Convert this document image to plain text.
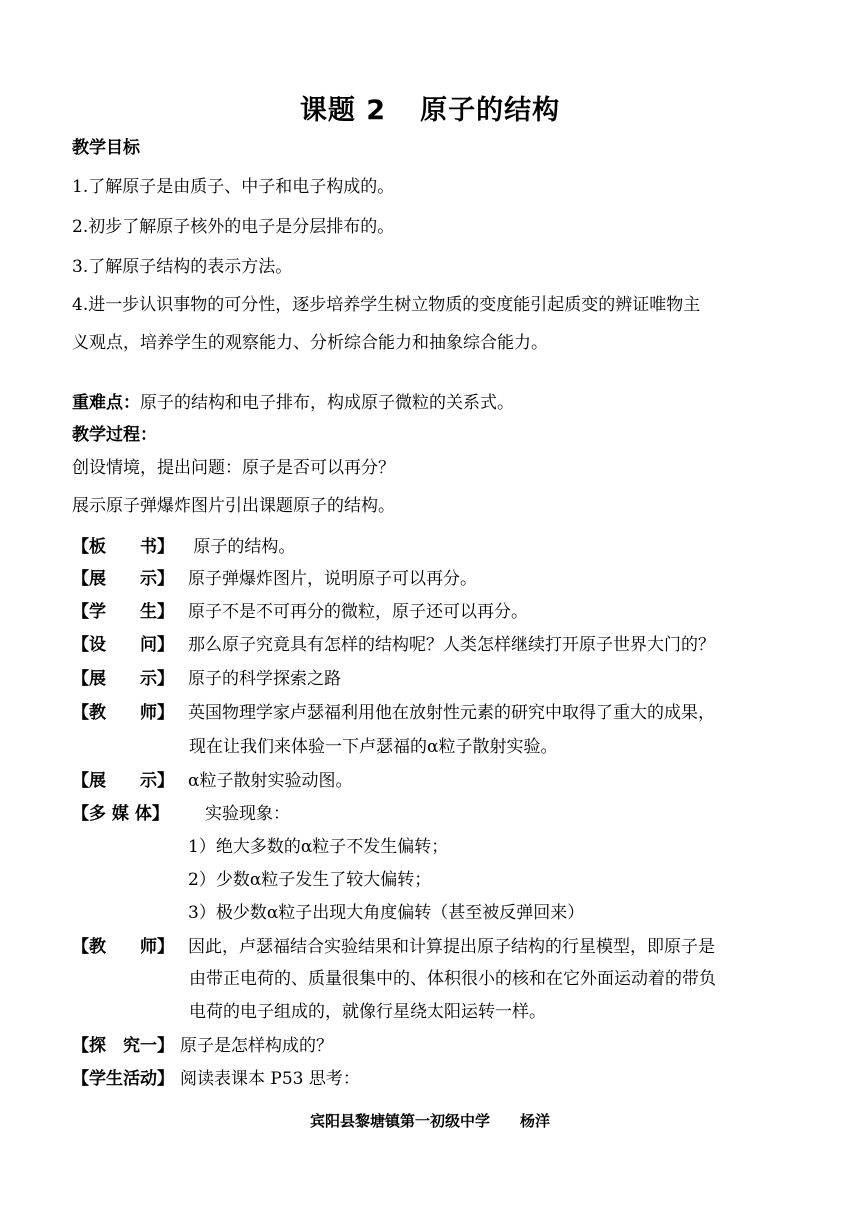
课题 2 原子的结构
教学目标
1.了解原子是由质子、中子和电子构成的。
2.初步了解原子核外的电子是分层排布的。
3.了解原子结构的表示方法。
4.进一步认识事物的可分性，逐步培养学生树立物质的变度能引起质变的辨证唯物主
义观点，培养学生的观察能力、分析综合能力和抽象综合能力。
重难点：原子的结构和电子排布，构成原子微粒的关系式。
教学过程：
创设情境，提出问题：原子是否可以再分？
展示原子弹爆炸图片引出课题原子的结构。
【板　　书】 原子的结构。
【展　　示】 原子弹爆炸图片，说明原子可以再分。
【学　　生】 原子不是不可再分的微粒，原子还可以再分。
【设　　问】 那么原子究竟具有怎样的结构呢？人类怎样继续打开原子世界大门的？
【展　　示】 原子的科学探索之路
【教　　师】 英国物理学家卢瑟福利用他在放射性元素的研究中取得了重大的成果，
现在让我们来体验一下卢瑟福的α粒子散射实验。
【展　　示】 α粒子散射实验动图。
【多 媒 体】　实验现象：
1）绝大多数的α粒子不发生偏转；
2）少数α粒子发生了较大偏转；
3）极少数α粒子出现大角度偏转（甚至被反弹回来）
【教　　师】 因此，卢瑟福结合实验结果和计算提出原子结构的行星模型，即原子是
由带正电荷的、质量很集中的、体积很小的核和在它外面运动着的带负
电荷的电子组成的，就像行星绕太阳运转一样。
【探　究一】 原子是怎样构成的？
【学生活动】 阅读表课本 P53 思考：
宾阳县黎塘镇第一初级中学 杨洋
